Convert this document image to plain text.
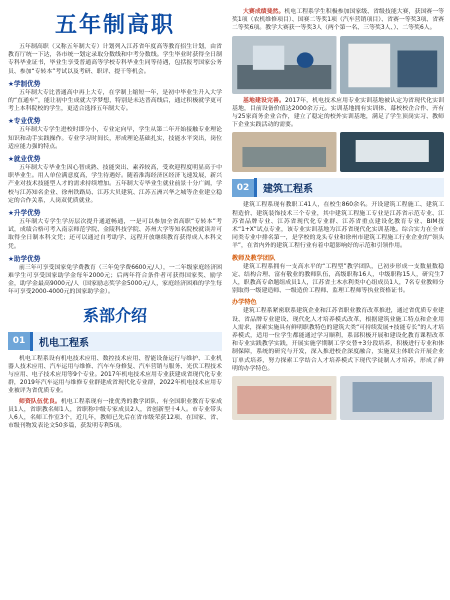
五年制高职

五年制高职（又称五年制大专）计划列入江苏省年度高等教育招生计划，由省教育厅统一下达，各市统一划定录取分数线和中考分数线。学生毕业时获得全日制专科毕业证书，毕业生享受普通高等学校专科毕业生同等待遇，包括报考国家公务员、参加“专转本”考试以及考研、职评、提干等机会。

★学制优势

五年制大专比普通高中再上大专，在学制上缩短一年，是初中毕业生升入大学的“直通车”，能让初中生成就大学梦想，特别是未达普高线后，通过积极就学更可考上本科院校的学生，更适合选择五年制大专。

★专业优势

五年制大专学生进校时即分小，专业定向早，学生从第二年开始接触专业理论知识和动手实践操作。专业学习时间长，形成理论基础扎实，技能水平突出，岗位适应能力强的特点。

★就业优势

五年制大专毕业生因心智成熟、技能突出、素养较高，受欢迎程度明显高于中职毕业生。用人单位满意度高，学生待遇好。随着淮海经济区经济飞速发展，新兴产业对技术技能型人才的需求持续增加。五年制大专毕业生就业前景十分广阔，学校与江苏知名企业、徐州铁路局、江苏大贝建筑、江苏五洲兴华之城等企业建立稳定的合作关系，人岗双优质就业。

★升学优势

五年制大专学生学历层次提升通道畅通，一是可以参加全省高职“专转本”考试，成绩合格可考入南京师范学院、金陵科技学院、苏州大学等知名院校就读并可取得全日制本科文凭；还可以通过自考助学、远程开放继续教育获得成人本科文凭。

★助学优势

前三年可享受国家免学费教育（三年免学费6600元/人），一二年级家庭经济困难学生可享受国家助学金每年2000元；后两年符合条件者可获得国家奖、励学金，助学金最高9000元/人（国家励志奖学金5000元/人，家庭经济困难的学生每年可享受2000-4000元的国家助学金）。

系部介绍
01	机电工程系

机电工程系设有机电技术应用、数控技术应用、智能设备运行与维护、工业机器人技术应用、汽车运用与维修、汽车车身修复、汽车营销与服务、光伏工程技术与应用、电子技术应用等9个专业。2017年机电技术应用专业获建成省现代化专业群，2019年汽车运用与维修专业群建成省现代化专业群，2022年机电技术应用专业被评为省优质专业。

师资队伍优良。机电工程系现有一批优秀的教学团队，有全国职业教育专家成员1人，省职教名师1人，省职称中级专家成员2人，省创新型十4人。市专业带头人6人，名师工作室3个，近几年，教师已先后在省市级荣获12项、在国家、省、市级刊物发表论文50多篇，获发明专利5项。

大赛成绩斐然。机电工程系学生积极参加国家级、省级技能大赛，获国赛一等奖1项（农机维修项目）、国赛二等奖1项（汽车营销项目）、省赛一等奖3项、省赛二等奖6项。教学大赛获一等奖3人（两个第一名、三等奖3人、）、二等奖6人。

基地建设完善。2017年，机电技术应用专业实训基地被认定为省现代化实训基地，目前设备价值达2000余万元。实训基地拥有实训体、幕校校企合作、齐有与25家商务企业合作，建立了稳定的校外实训基地，满足了学生顶岗实习、教师下企业实践活动的需要。

02	建筑工程系

建筑工程系现有教职工41人，在校生860余名。开设建筑工程施工、建筑工程造价、建筑装饰技术三个专业，其中建筑工程施工专业是江苏省示范专业、江苏省品牌专业、江苏省现代化专业群、江苏省重点建设化教育专业、BIM技术“1+X”试点专业，该专业实训基地为江苏省现代化实训基地。综合实力在全市同类专业中排名第一，是学校的龙头专业和徐州市建筑工程施工行业企业的“领头羊”，在省内外的建筑工程行业有着中超影响好的示范和引领作用。

教师及教学团队

建筑工程系拥有一支高水平的“工程型”教学团队，已初步形成一支数量数稳定、结构合理、富有敬业的教师队伍，高级职称16人，中级职称15人，研究生7人，职教高专命题组成员1人，江苏省土木水利类中心组成员1人，7名专业教师分别取得一级建造师、一级造价工程师、监理工程师等执业资格证书。

办学特色

建筑工程系紧密联系建筑企业和江苏省职业教育改革推进，通过省优质专业建设、省品牌专业建设、现代化人才培养模式改革，根据建筑业施工特点和企业用人需求，探索实施具有鲜明职教特色的建筑大类“可持续发展+技能专长”的人才培养模式，适用一位学生都能通过学习顺利，系部积极开展和建设化教育课程改革和专业实践教学实践，开展实施学期制工学交替+3分段培养，积极进行专业和体制保障，系统的研究与开发，深入推进校企深度融合，实施双主体联合开展企业订单式培养，努力探索工学结合人才培养模式下现代学徒制人才培养，形成了鲜明的办学特色。
